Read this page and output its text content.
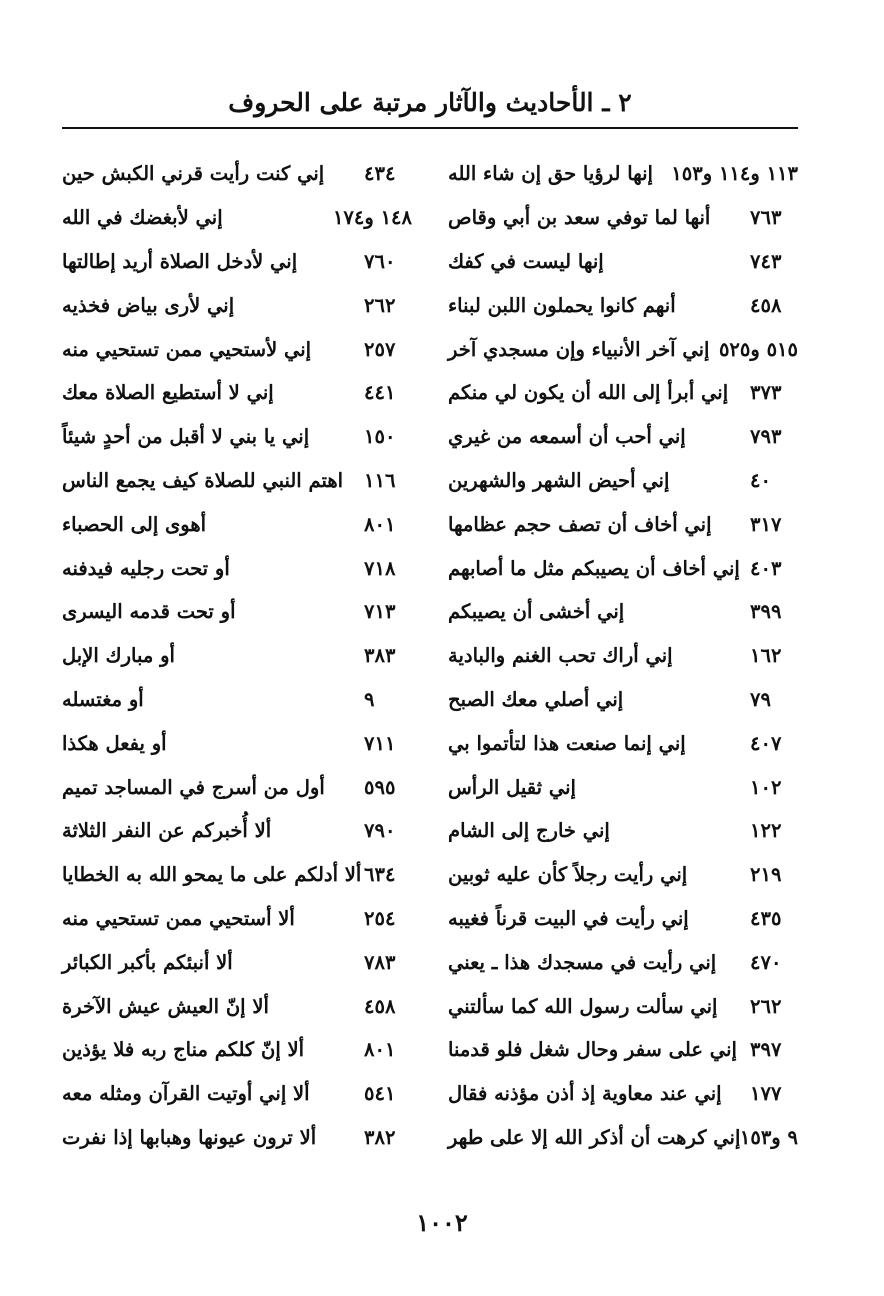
٢ ـ الأحاديث والآثار مرتبة على الحروف
إنها لرؤيا حق إن شاء الله ١١٣ و١١٤ و١٥٣
أنها لما توفي سعد بن أبي وقاص ٧٦٣
إنها ليست في كفك	٧٤٣
أنهم كانوا يحملون اللبن لبناء	٤٥٨
إني آخر الأنبياء وإن مسجدي آخر ٥١٥ و٥٢٥
إني أبرأ إلى الله أن يكون لي منكم ٣٧٣
إني أحب أن أسمعه من غيري	٧٩٣
إني أحيض الشهر والشهرين	٤٠
إني أخاف أن تصف حجم عظامها ٣١٧
إني أخاف أن يصيبكم مثل ما أصابهم ٤٠٣
إني أخشى أن يصيبكم	٣٩٩
إني أراك تحب الغنم والبادية	١٦٢
إني أصلي معك الصبح	٧٩
إني إنما صنعت هذا لتأتموا بي	٤٠٧
إني ثقيل الرأس	١٠٢
إني خارج إلى الشام	١٢٢
إني رأيت رجلاً كأن عليه ثوبين	٢١٩
إني رأيت في البيت قرناً فغيبه	٤٣٥
إني رأيت في مسجدك هذا ـ يعني ٤٧٠
إني سألت رسول الله كما سألتني ٢٦٢
إني على سفر وحال شغل فلو قدمنا ٣٩٧
إني عند معاوية إذ أذن مؤذنه فقال ١٧٧
إني كرهت أن أذكر الله إلا على طهر ٩ و١٥٣
إني كنت رأيت قرني الكبش حين ٤٣٤
إني لأبغضك في الله	١٤٨ و١٧٤
إني لأدخل الصلاة أريد إطالتها	٧٦٠
إني لأرى بياض فخذيه	٢٦٢
إني لأستحيي ممن تستحيي منه	٢٥٧
إني لا أستطيع الصلاة معك	٤٤١
إني يا بني لا أقبل من أحدٍ شيئاً	١٥٠
اهتم النبي للصلاة كيف يجمع الناس ١١٦
أهوى إلى الحصباء	٨٠١
أو تحت رجليه فيدفنه	٧١٨
أو تحت قدمه اليسرى	٧١٣
أو مبارك الإبل	٣٨٣
أو مغتسله	٩
أو يفعل هكذا	٧١١
أول من أسرج في المساجد تميم ٥٩٥
ألا أُخبركم عن النفر الثلاثة	٧٩٠
ألا أدلكم على ما يمحو الله به الخطايا ٦٣٤
ألا أستحيي ممن تستحيي منه	٢٥٤
ألا أنبئكم بأكبر الكبائر	٧٨٣
ألا إنّ العيش عيش الآخرة	٤٥٨
ألا إنّ كلكم مناج ربه فلا يؤذين	٨٠١
ألا إني أوتيت القرآن ومثله معه	٥٤١
ألا ترون عيونها وهبابها إذا نفرت ٣٨٢
١٠٠٢
